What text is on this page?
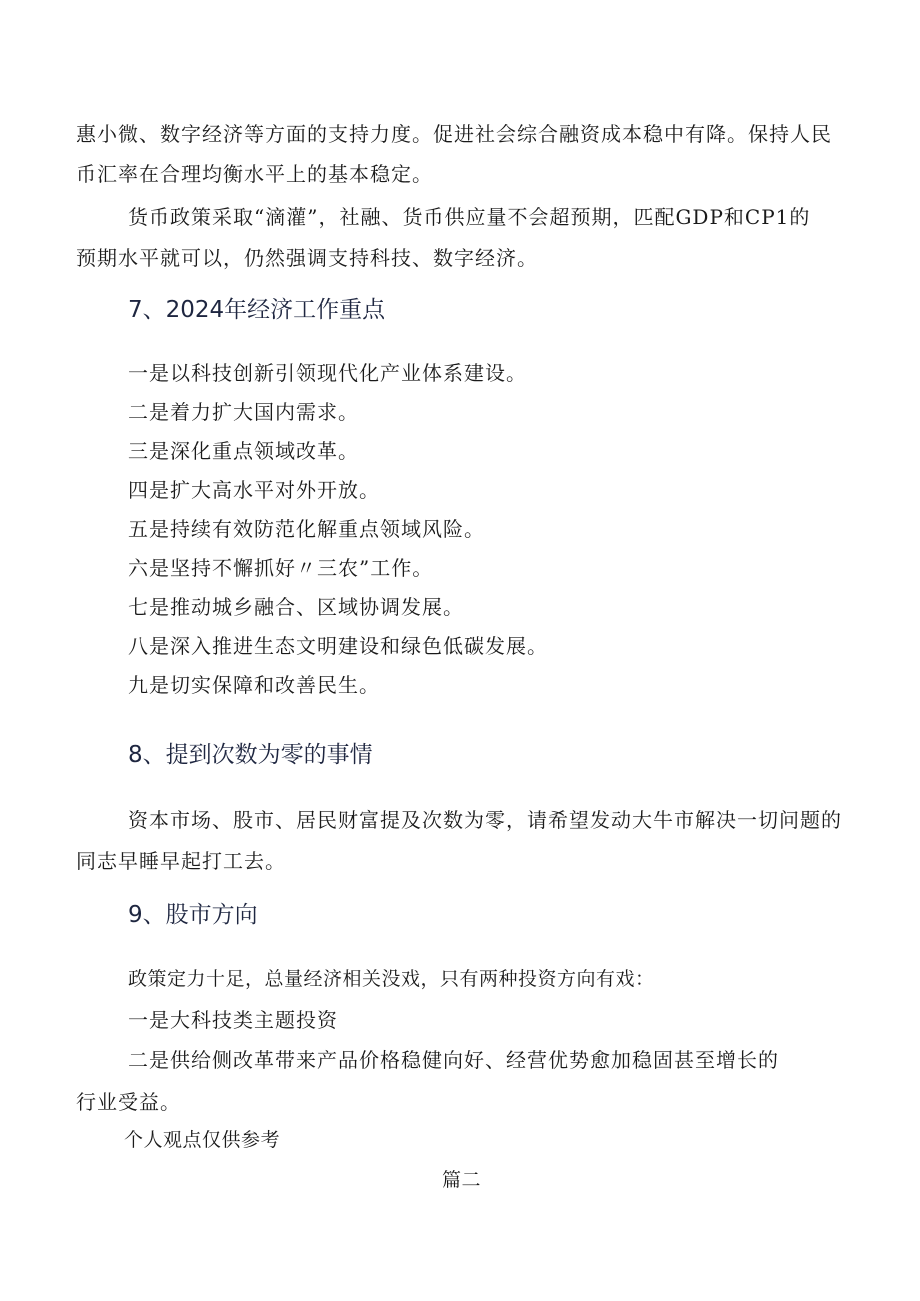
惠小微、数字经济等方面的支持力度。促进社会综合融资成本稳中有降。保持人民
币汇率在合理均衡水平上的基本稳定。
货币政策采取“滴灌”，社融、货币供应量不会超预期，匹配GDP和CP1的
预期水平就可以，仍然强调支持科技、数字经济。
7、2024年经济工作重点
一是以科技创新引领现代化产业体系建设。
二是着力扩大国内需求。
三是深化重点领域改革。
四是扩大高水平对外开放。
五是持续有效防范化解重点领域风险。
六是坚持不懈抓好〃三农”工作。
七是推动城乡融合、区域协调发展。
八是深入推进生态文明建设和绿色低碳发展。
九是切实保障和改善民生。
8、提到次数为零的事情
资本市场、股市、居民财富提及次数为零，请希望发动大牛市解决一切问题的
同志早睡早起打工去。
9、股市方向
政策定力十足，总量经济相关没戏，只有两种投资方向有戏：
一是大科技类主题投资
二是供给侧改革带来产品价格稳健向好、经营优势愈加稳固甚至增长的
行业受益。
个人观点仅供参考
篇二
